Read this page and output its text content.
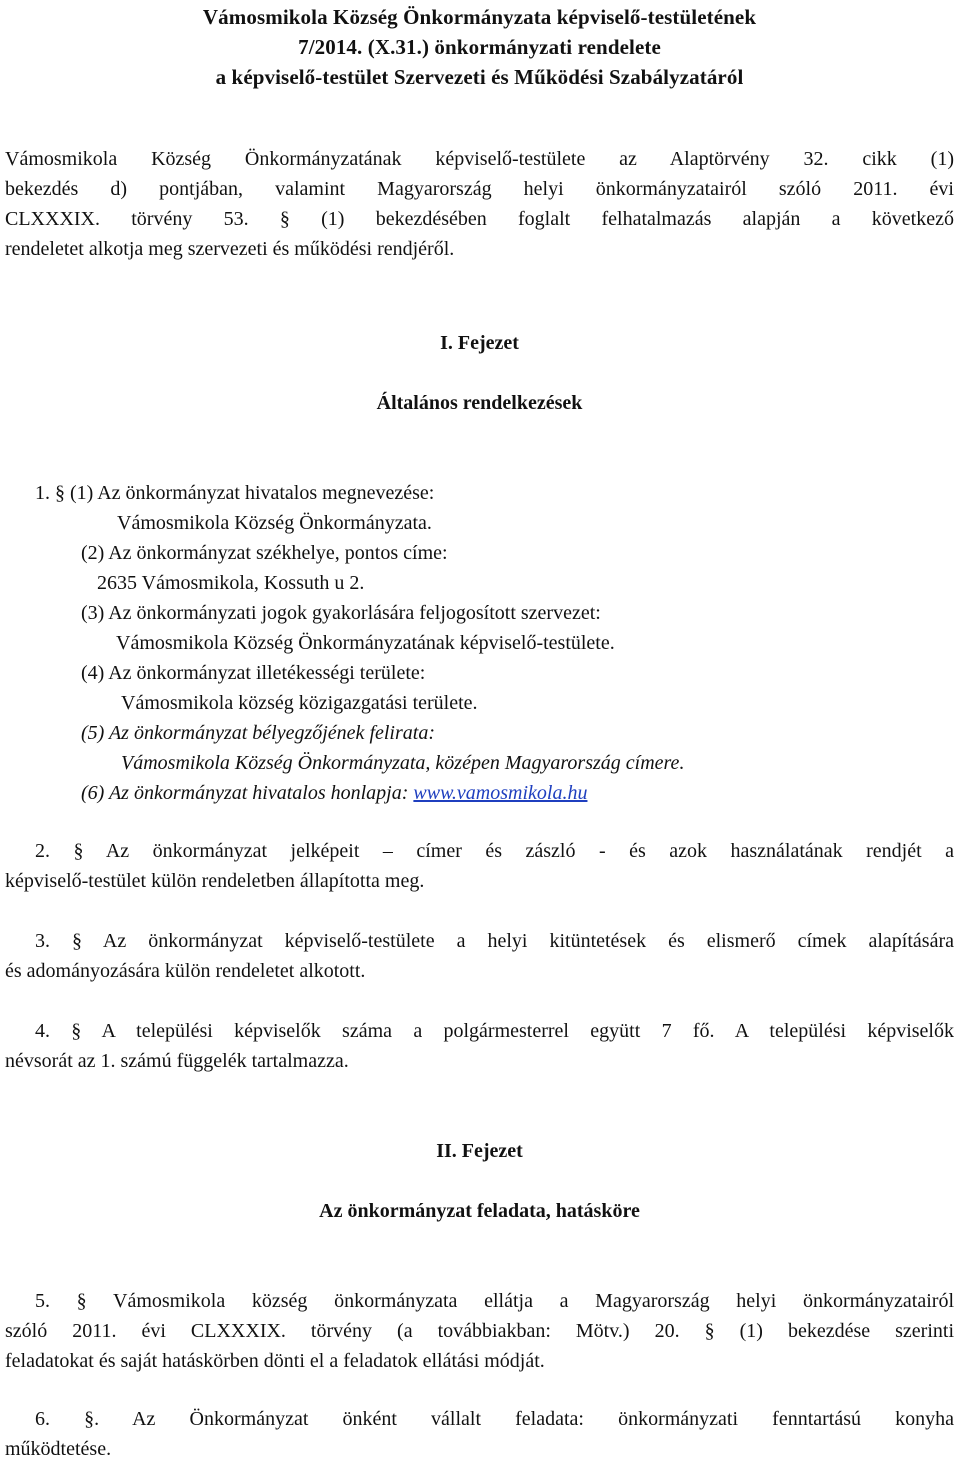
Vámosmikola Község Önkormányzata képviselő-testületének
7/2014. (X.31.) önkormányzati rendelete
a képviselő-testület Szervezeti és Működési Szabályzatáról
Vámosmikola Község Önkormányzatának képviselő-testülete az Alaptörvény 32. cikk (1)
bekezdés d) pontjában, valamint Magyarország helyi önkormányzatairól szóló 2011. évi
CLXXXIX. törvény 53. § (1) bekezdésében foglalt felhatalmazás alapján a következő
rendeletet alkotja meg szervezeti és működési rendjéről.
I. Fejezet
Általános rendelkezések
1. § (1) Az önkormányzat hivatalos megnevezése:
Vámosmikola Község Önkormányzata.
(2) Az önkormányzat székhelye, pontos címe:
2635 Vámosmikola, Kossuth u 2.
(3) Az önkormányzati jogok gyakorlására feljogosított szervezet:
Vámosmikola Község Önkormányzatának képviselő-testülete.
(4) Az önkormányzat illetékességi területe:
Vámosmikola község közigazgatási területe.
(5) Az önkormányzat bélyegzőjének felirata:
Vámosmikola Község Önkormányzata, középen Magyarország címere.
(6) Az önkormányzat hivatalos honlapja: www.vamosmikola.hu
2. § Az önkormányzat jelképeit – címer és zászló - és azok használatának rendjét a
képviselő-testület külön rendeletben állapította meg.
3. § Az önkormányzat képviselő-testülete a helyi kitüntetések és elismerő címek alapítására
és adományozására külön rendeletet alkotott.
4. § A települési képviselők száma a polgármesterrel együtt 7 fő. A települési képviselők
névsorát az 1. számú függelék tartalmazza.
II. Fejezet
Az önkormányzat feladata, hatásköre
5. § Vámosmikola község önkormányzata ellátja a Magyarország helyi önkormányzatairól
szóló 2011. évi CLXXXIX. törvény (a továbbiakban: Mötv.) 20. § (1) bekezdése szerinti
feladatokat és saját hatáskörben dönti el a feladatok ellátási módját.
6. §. Az Önkormányzat önként vállalt feladata: önkormányzati fenntartású konyha
működtetése.
